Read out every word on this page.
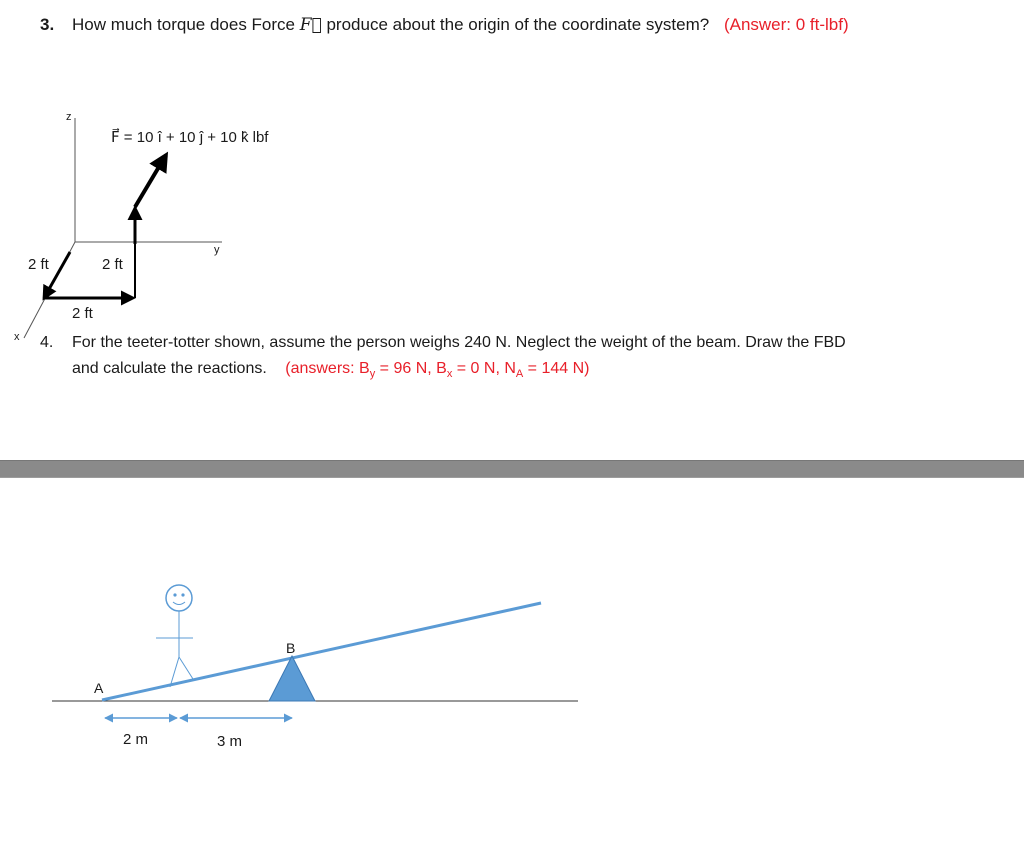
3. How much torque does Force F⃗ produce about the origin of the coordinate system? (Answer: 0 ft-lbf)
F⃗ = 10 î + 10 ĵ + 10 k̂ lbf
z
y
x
2 ft	2 ft
2 ft
4. For the teeter-totter shown, assume the person weighs 240 N. Neglect the weight of the beam. Draw the FBD
and calculate the reactions. (answers: $B_y = 96$ N, $B_x = 0$ N, $N_A = 144$ N)
A
B
2 m	3 m
